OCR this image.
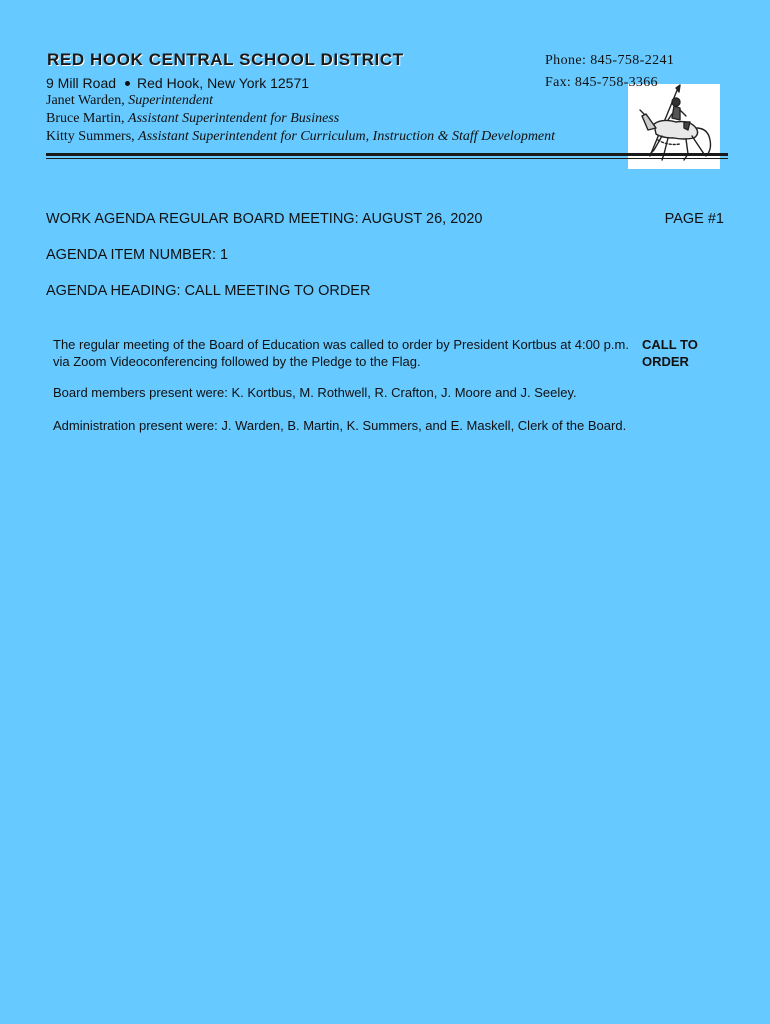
RED HOOK CENTRAL SCHOOL DISTRICT
9 Mill Road Red Hook, New York 12571
Janet Warden, Superintendent
Bruce Martin, Assistant Superintendent for Business
Kitty Summers, Assistant Superintendent for Curriculum, Instruction & Staff Development
Phone: 845-758-2241
Fax: 845-758-3366
WORK AGENDA REGULAR BOARD MEETING: AUGUST 26, 2020	PAGE #1
AGENDA ITEM NUMBER: 1
AGENDA HEADING: CALL MEETING TO ORDER
The regular meeting of the Board of Education was called to order by President Kortbus at 4:00 p.m. via Zoom Videoconferencing followed by the Pledge to the Flag.
Board members present were: K. Kortbus, M. Rothwell, R. Crafton, J. Moore and J. Seeley.
Administration present were: J. Warden, B. Martin, K. Summers, and E. Maskell, Clerk of the Board.
CALL TO ORDER
